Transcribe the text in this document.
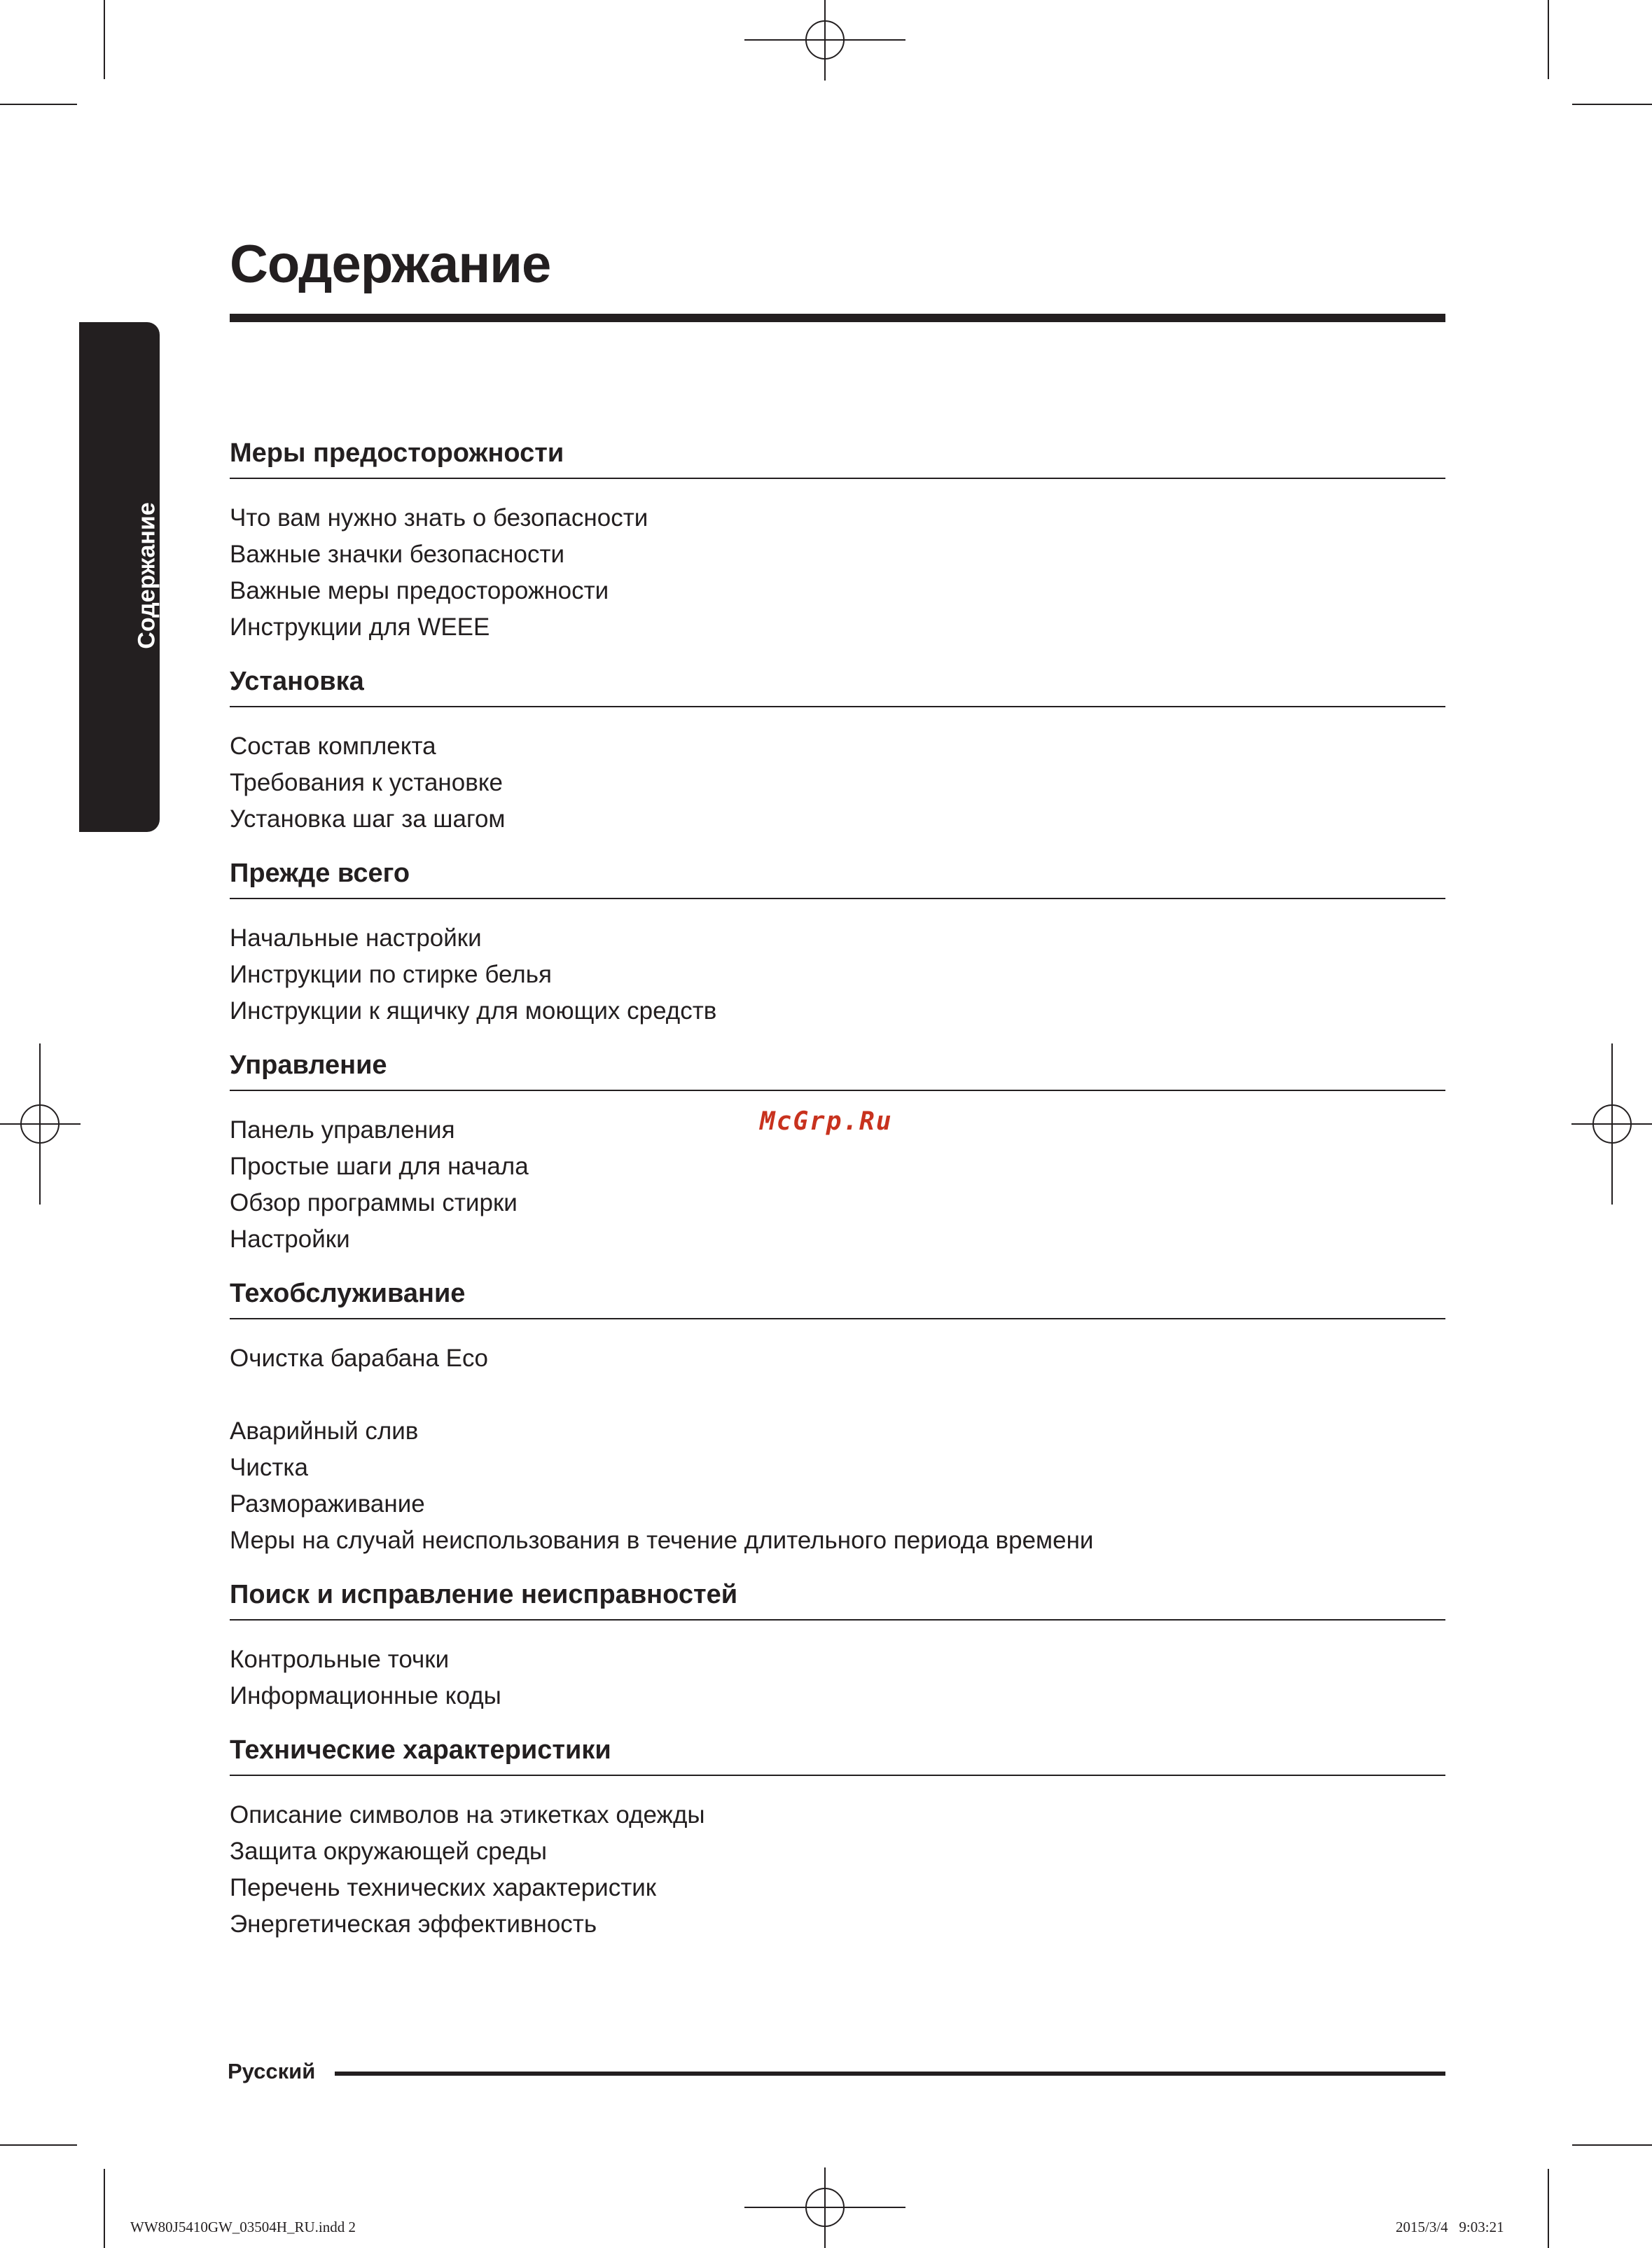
Содержание
Содержание
Меры предосторожности
Что вам нужно знать о безопасности
Важные значки безопасности
Важные меры предосторожности
Инструкции для WEEE
Установка
Состав комплекта
Требования к установке
Установка шаг за шагом
Прежде всего
Начальные настройки
Инструкции по стирке белья
Инструкции к ящичку для моющих средств
Управление
Панель управления
Простые шаги для начала
Обзор программы стирки
Настройки
Техобслуживание
Очистка барабана Eco
Аварийный слив
Чистка
Размораживание
Меры на случай неиспользования в течение длительного периода времени
Поиск и исправление неисправностей
Контрольные точки
Информационные коды
Технические характеристики
Описание символов на этикетках одежды
Защита окружающей среды
Перечень технических характеристик
Энергетическая эффективность
McGrp.Ru
Русский
WW80J5410GW_03504H_RU.indd 2	2015/3/4   9:03:21
